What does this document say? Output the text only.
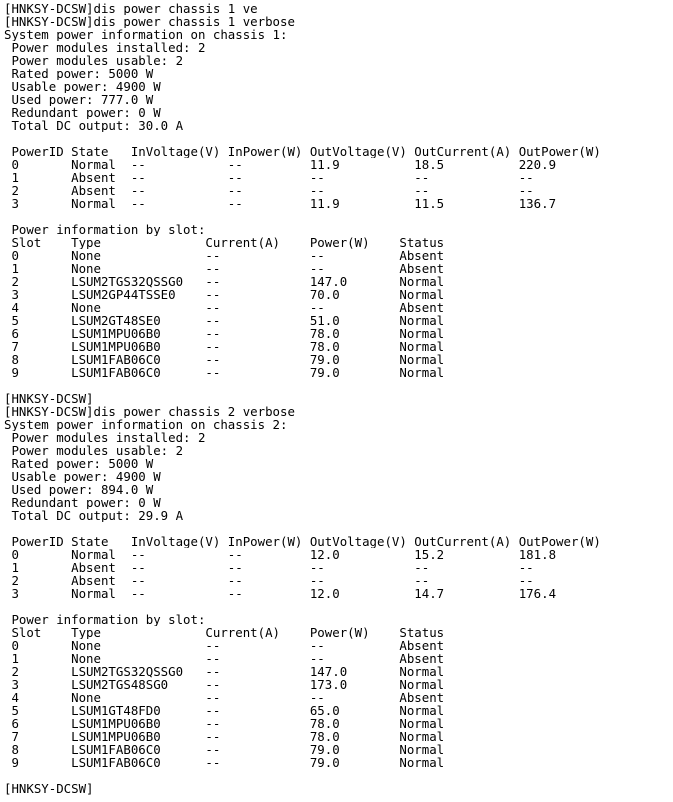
[HNKSY-DCSW]dis power chassis 1 ve
[HNKSY-DCSW]dis power chassis 1 verbose
System power information on chassis 1:
Power modules installed: 2
Power modules usable: 2
Rated power: 5000 W
Usable power: 4900 W
Used power: 777.0 W
Redundant power: 0 W
Total DC output: 30.0 A
PowerID State   InVoltage(V) InPower(W) OutVoltage(V) OutCurrent(A) OutPower(W)
0       Normal  --           --         11.9          18.5          220.9
1       Absent  --           --         --            --            --
2       Absent  --           --         --            --            --
3       Normal  --           --         11.9          11.5          136.7
Power information by slot:
Slot    Type              Current(A)    Power(W)    Status
0       None              --            --          Absent
1       None              --            --          Absent
2       LSUM2TGS32QSSG0   --            147.0       Normal
3       LSUM2GP44TSSE0    --            70.0        Normal
4       None              --            --          Absent
5       LSUM2GT48SE0      --            51.0        Normal
6       LSUM1MPU06B0      --            78.0        Normal
7       LSUM1MPU06B0      --            78.0        Normal
8       LSUM1FAB06C0      --            79.0        Normal
9       LSUM1FAB06C0      --            79.0        Normal
[HNKSY-DCSW]
[HNKSY-DCSW]dis power chassis 2 verbose
System power information on chassis 2:
Power modules installed: 2
Power modules usable: 2
Rated power: 5000 W
Usable power: 4900 W
Used power: 894.0 W
Redundant power: 0 W
Total DC output: 29.9 A
PowerID State   InVoltage(V) InPower(W) OutVoltage(V) OutCurrent(A) OutPower(W)
0       Normal  --           --         12.0          15.2          181.8
1       Absent  --           --         --            --            --
2       Absent  --           --         --            --            --
3       Normal  --           --         12.0          14.7          176.4
Power information by slot:
Slot    Type              Current(A)    Power(W)    Status
0       None              --            --          Absent
1       None              --            --          Absent
2       LSUM2TGS32QSSG0   --            147.0       Normal
3       LSUM2TGS48SG0     --            173.0       Normal
4       None              --            --          Absent
5       LSUM1GT48FD0      --            65.0        Normal
6       LSUM1MPU06B0      --            78.0        Normal
7       LSUM1MPU06B0      --            78.0        Normal
8       LSUM1FAB06C0      --            79.0        Normal
9       LSUM1FAB06C0      --            79.0        Normal
[HNKSY-DCSW]
